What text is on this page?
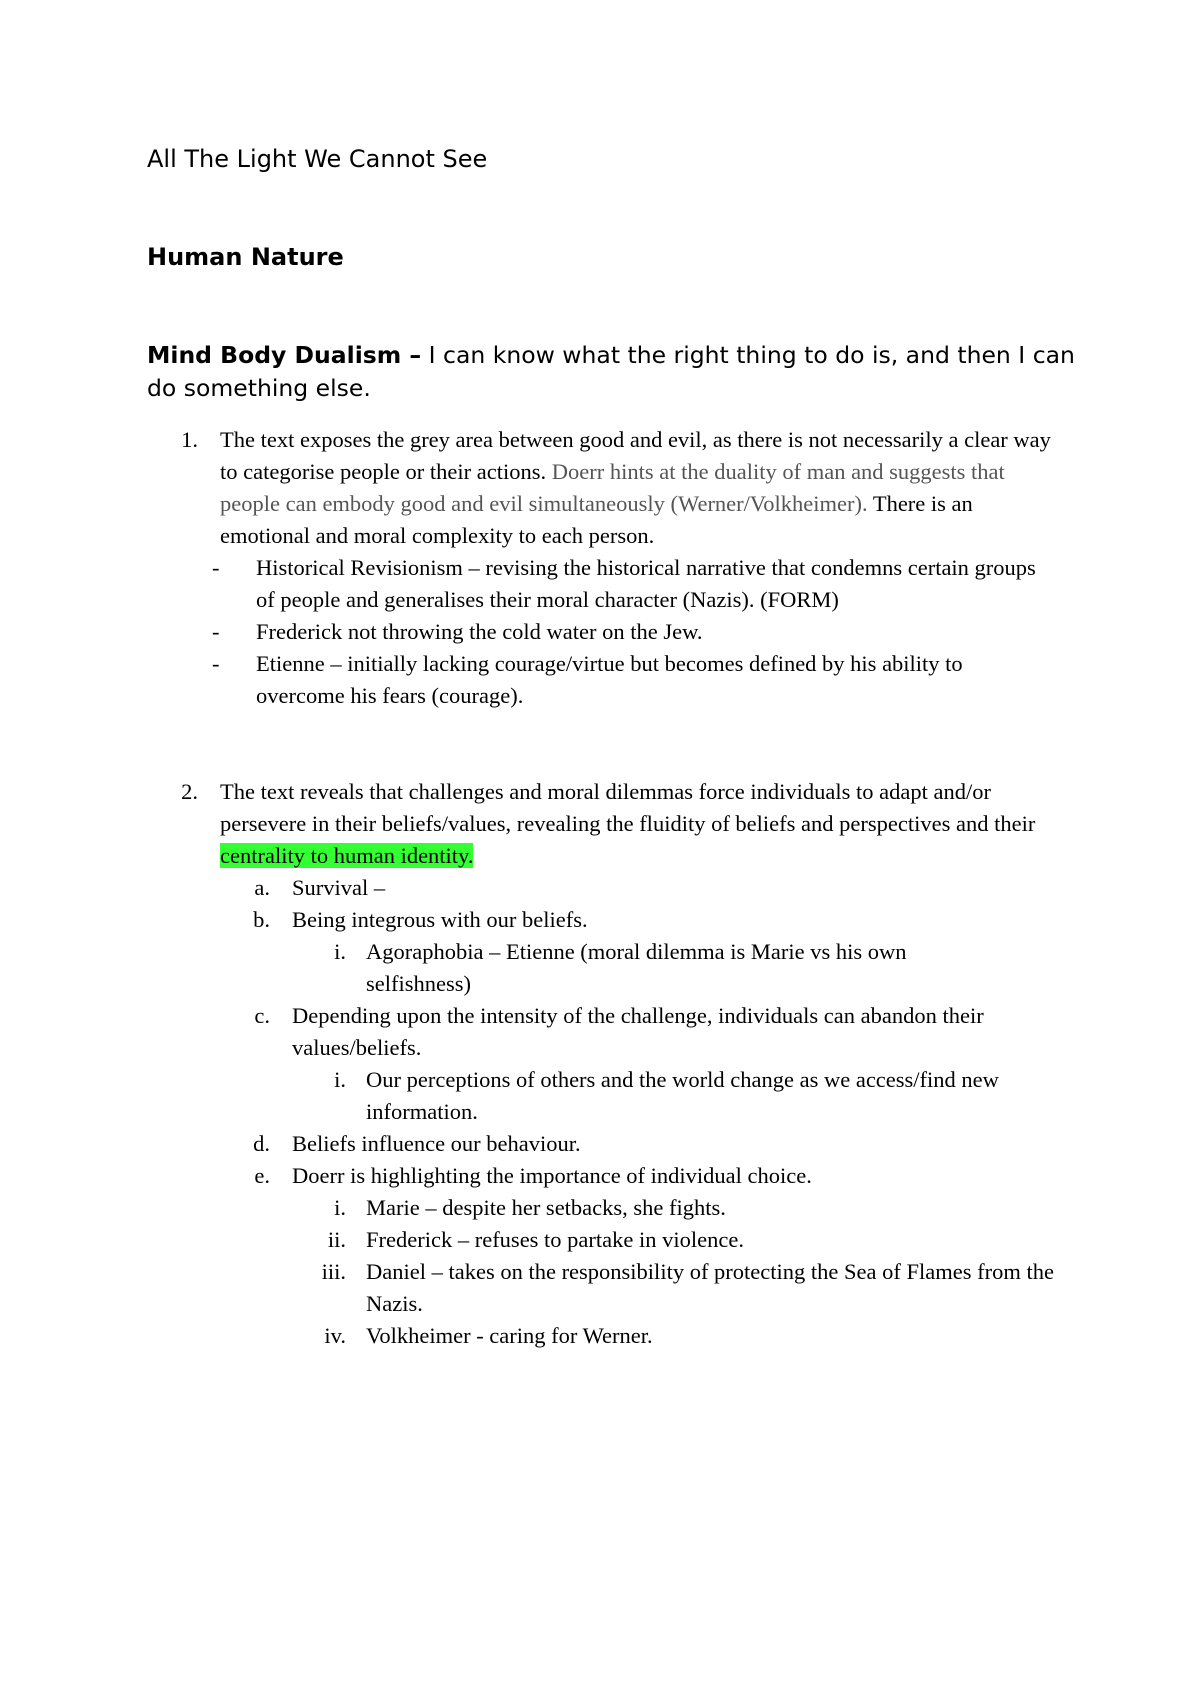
All The Light We Cannot See
Human Nature
Mind Body Dualism – I can know what the right thing to do is, and then I can do something else.
1. The text exposes the grey area between good and evil, as there is not necessarily a clear way to categorise people or their actions. Doerr hints at the duality of man and suggests that people can embody good and evil simultaneously (Werner/Volkheimer). There is an emotional and moral complexity to each person.
-	Historical Revisionism – revising the historical narrative that condemns certain groups of people and generalises their moral character (Nazis). (FORM)
-	Frederick not throwing the cold water on the Jew.
-	Etienne – initially lacking courage/virtue but becomes defined by his ability to overcome his fears (courage).
2. The text reveals that challenges and moral dilemmas force individuals to adapt and/or persevere in their beliefs/values, revealing the fluidity of beliefs and perspectives and their centrality to human identity.
a. Survival –
b. Being integrous with our beliefs.
i. Agoraphobia – Etienne (moral dilemma is Marie vs his own selfishness)
c. Depending upon the intensity of the challenge, individuals can abandon their values/beliefs.
i. Our perceptions of others and the world change as we access/find new information.
d. Beliefs influence our behaviour.
e. Doerr is highlighting the importance of individual choice.
i. Marie – despite her setbacks, she fights.
ii. Frederick – refuses to partake in violence.
iii. Daniel – takes on the responsibility of protecting the Sea of Flames from the Nazis.
iv. Volkheimer - caring for Werner.
